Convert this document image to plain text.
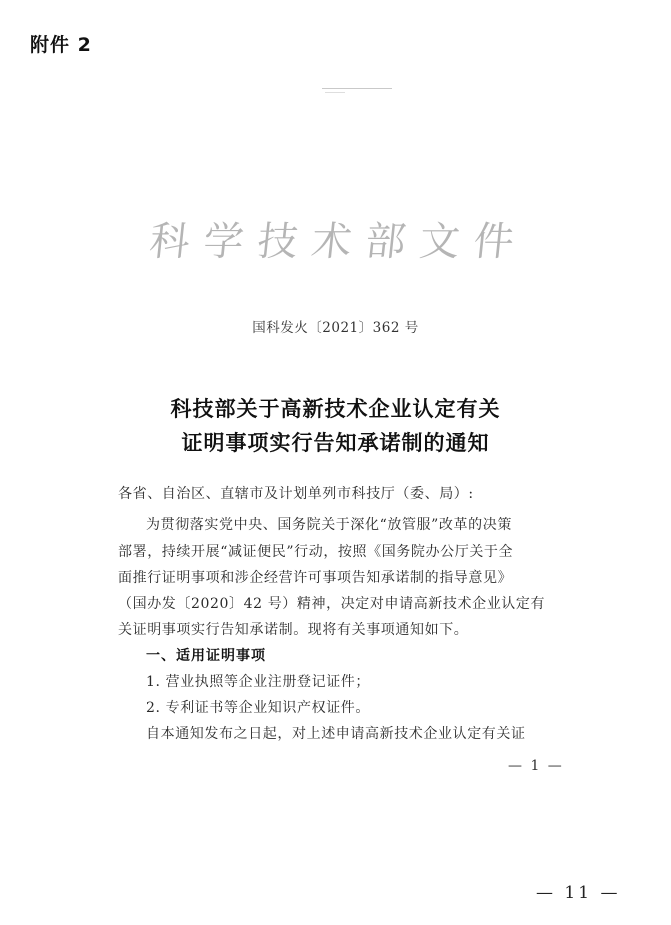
附件 2
科学技术部文件
国科发火〔2021〕362 号
科技部关于高新技术企业认定有关
证明事项实行告知承诺制的通知
各省、自治区、直辖市及计划单列市科技厅（委、局）:
为贯彻落实党中央、国务院关于深化“放管服”改革的决策
部署，持续开展“减证便民”行动，按照《国务院办公厅关于全
面推行证明事项和涉企经营许可事项告知承诺制的指导意见》
（国办发〔2020〕42 号）精神，决定对申请高新技术企业认定有
关证明事项实行告知承诺制。现将有关事项通知如下。
一、适用证明事项
1. 营业执照等企业注册登记证件；
2. 专利证书等企业知识产权证件。
自本通知发布之日起，对上述申请高新技术企业认定有关证
— 1 —
— 11 —
